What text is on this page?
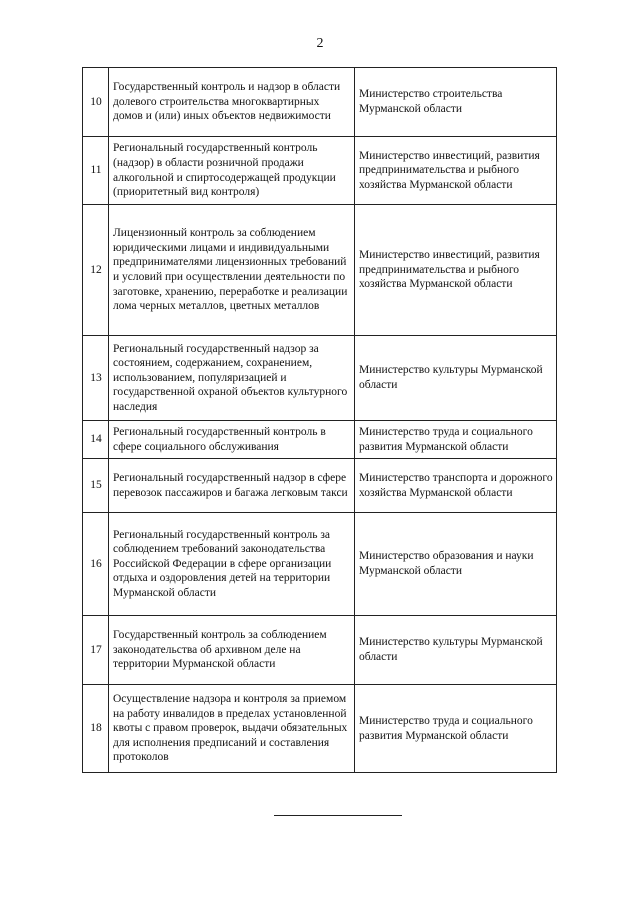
2
10	Государственный контроль и надзор в области долевого строительства многоквартирных домов и (или) иных объектов недвижимости	Министерство строительства Мурманской области
11	Региональный государственный контроль (надзор) в области розничной продажи алкогольной и спиртосодержащей продукции (приоритетный вид контроля)	Министерство инвестиций, развития предпринимательства и рыбного хозяйства Мурманской области
12	Лицензионный контроль за соблюдением юридическими лицами и индивидуальными предпринимателями лицензионных требований и условий при осуществлении деятельности по заготовке, хранению, переработке и реализации лома черных металлов, цветных металлов	Министерство инвестиций, развития предпринимательства и рыбного хозяйства Мурманской области
13	Региональный государственный надзор за состоянием, содержанием, сохранением, использованием, популяризацией и государственной охраной объектов культурного наследия	Министерство культуры Мурманской области
14	Региональный государственный контроль в сфере социального обслуживания	Министерство труда и социального развития Мурманской области
15	Региональный государственный надзор в сфере перевозок пассажиров и багажа легковым такси	Министерство транспорта и дорожного хозяйства Мурманской области
16	Региональный государственный контроль за соблюдением требований законодательства Российской Федерации в сфере организации отдыха и оздоровления детей на территории Мурманской области	Министерство образования и науки Мурманской области
17	Государственный контроль за соблюдением законодательства об архивном деле на территории Мурманской области	Министерство культуры Мурманской области
18	Осуществление надзора и контроля за приемом на работу инвалидов в пределах установленной квоты с правом проверок, выдачи обязательных для исполнения предписаний и составления протоколов	Министерство труда и социального развития Мурманской области
